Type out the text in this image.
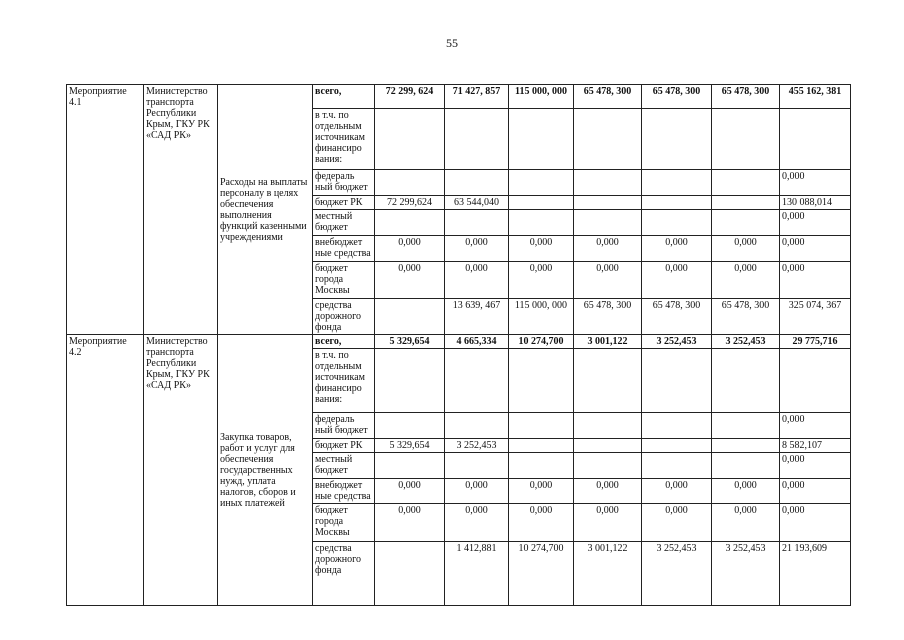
55
Мероприятие 4.1	Министерство транспорта Республики Крым, ГКУ РК «САД РК»	Расходы на выплаты персоналу в целях обеспечения выполнения функций казенными учреждениями	всего,	72 299, 624	71 427, 857	115 000, 000	65 478, 300	65 478, 300	65 478, 300	455 162, 381
			в т.ч. по отдельным источникам финансиро вания:							
			федераль ный бюджет							0,000
			бюджет РК	72 299,624	63 544,040					130 088,014
			местный бюджет							0,000
			внебюджет ные средства	0,000	0,000	0,000	0,000	0,000	0,000	0,000
			бюджет города Москвы	0,000	0,000	0,000	0,000	0,000	0,000	0,000
			средства дорожного фонда		13 639, 467	115 000, 000	65 478, 300	65 478, 300	65 478, 300	325 074, 367
Мероприятие 4.2	Министерство транспорта Республики Крым, ГКУ РК «САД РК»	Закупка товаров, работ и услуг для обеспечения государственных нужд, уплата налогов, сборов и иных платежей	всего,	5 329,654	4 665,334	10 274,700	3 001,122	3 252,453	3 252,453	29 775,716
			в т.ч. по отдельным источникам финансиро вания:							
			федераль ный бюджет							0,000
			бюджет РК	5 329,654	3 252,453					8 582,107
			местный бюджет							0,000
			внебюджет ные средства	0,000	0,000	0,000	0,000	0,000	0,000	0,000
			бюджет города Москвы	0,000	0,000	0,000	0,000	0,000	0,000	0,000
			средства дорожного фонда		1 412,881	10 274,700	3 001,122	3 252,453	3 252,453	21 193,609
